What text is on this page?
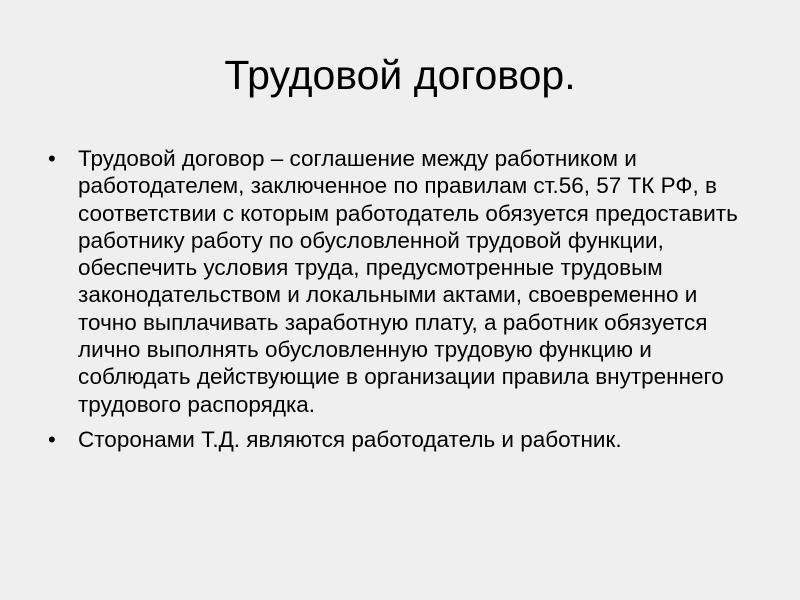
Трудовой договор.
• Трудовой договор – соглашение между работником и работодателем, заключенное по правилам ст.56, 57 ТК РФ, в соответствии с которым работодатель обязуется предоставить работнику работу по обусловленной трудовой функции, обеспечить условия труда, предусмотренные трудовым законодательством и локальными актами, своевременно и точно выплачивать заработную плату, а работник обязуется лично выполнять обусловленную трудовую функцию и соблюдать действующие в организации правила внутреннего трудового распорядка.
• Сторонами Т.Д. являются работодатель и работник.
